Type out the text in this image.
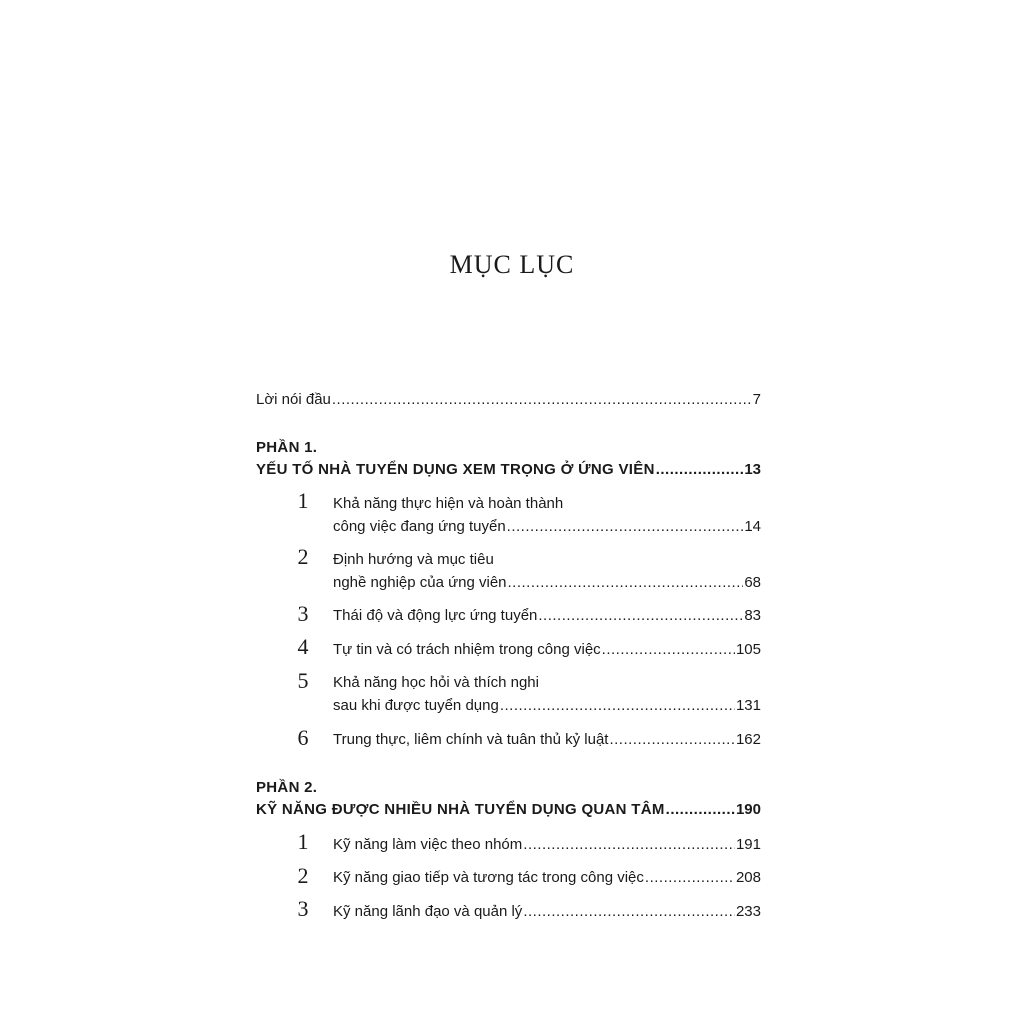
MỤC LỤC
Lời nói đầu .....	7
PHẦN 1.
YẾU TỐ NHÀ TUYỂN DỤNG XEM TRỌNG Ở ỨNG VIÊN .....	13
1 Khả năng thực hiện và hoàn thành
công việc đang ứng tuyển .....	14
2 Định hướng và mục tiêu
nghề nghiệp của ứng viên .....	68
3 Thái độ và động lực ứng tuyển .....	83
4 Tự tin và có trách nhiệm trong công việc .....	105
5 Khả năng học hỏi và thích nghi
sau khi được tuyển dụng .....	131
6 Trung thực, liêm chính và tuân thủ kỷ luật .....	162
PHẦN 2.
KỸ NĂNG ĐƯỢC NHIỀU NHÀ TUYỂN DỤNG QUAN TÂM .....	190
1 Kỹ năng làm việc theo nhóm .....	191
2 Kỹ năng giao tiếp và tương tác trong công việc .....	208
3 Kỹ năng lãnh đạo và quản lý .....	233
